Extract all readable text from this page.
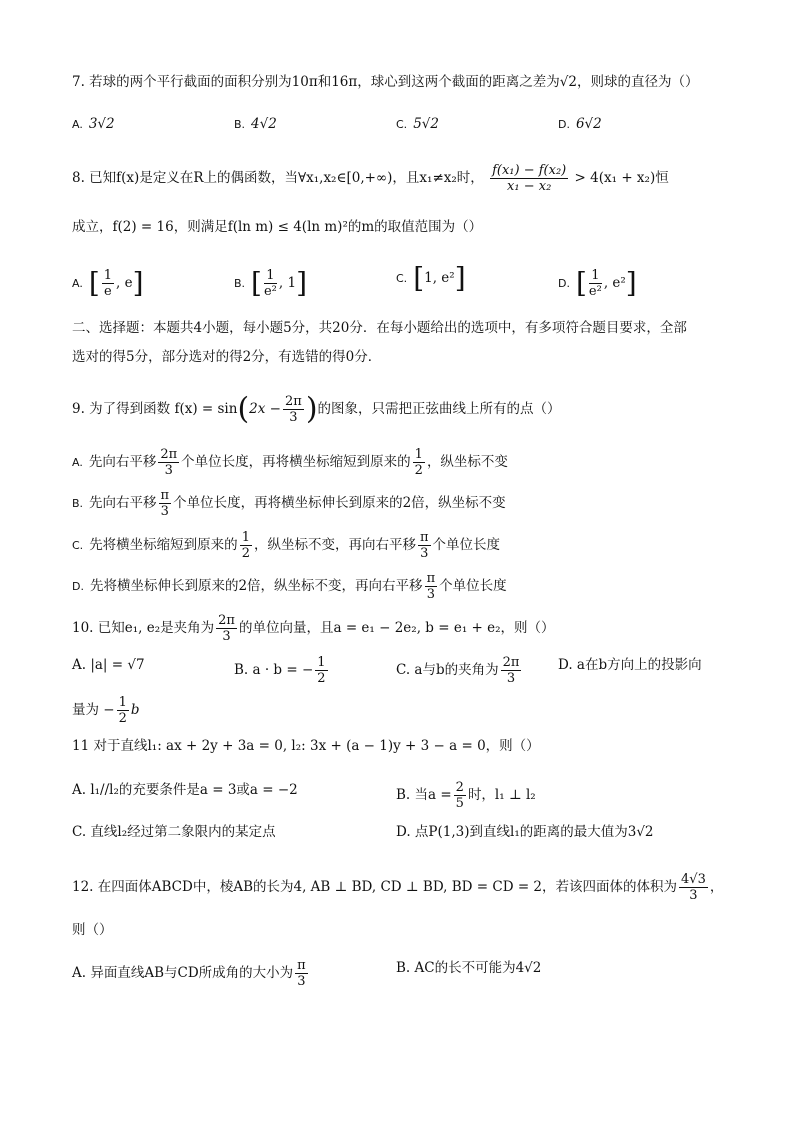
7. 若球的两个平行截面的面积分别为10π和16π，球心到这两个截面的距离之差为√2，则球的直径为（）
A. 3√2	B. 4√2	C. 5√2	D. 6√2
8. 已知f(x)是定义在R上的偶函数，当∀x₁,x₂∈[0,+∞)，且x₁≠x₂时， $\frac{\text{f(x₁) − f(x₂)}}{\text{x₁ − x₂}} > 4(x_1 + x_2)$恒
成立，f(2) = 16，则满足f(ln m) ≤ 4(ln m)²的m的取值范围为（）
A. [ $\frac{1}{e}$ , e]	B. [ $\frac{1}{\text{e²}}$ , 1]	C. [1, e²]	D. [ $\frac{1}{\text{e²}}$ , e²]
二、选择题：本题共4小题，每小题5分，共20分．在每小题给出的选项中，有多项符合题目要求，全部
选对的得5分，部分选对的得2分，有选错的得0分．
9. 为了得到函数 $f(x) = \sin(2x - \frac{2\pi}{3}$ )的图象，只需把正弦曲线上所有的点（）
A. 先向右平移 $\frac{2\pi}{3}$ 个单位长度，再将横坐标缩短到原来的 $\frac{1}{2}$ ，纵坐标不变
B. 先向右平移 $\frac{\pi}{3}$ 个单位长度，再将横坐标伸长到原来的2倍，纵坐标不变
C. 先将横坐标缩短到原来的 $\frac{1}{2}$ ，纵坐标不变，再向右平移 $\frac{\pi}{3}$ 个单位长度
D. 先将横坐标伸长到原来的2倍，纵坐标不变，再向右平移 $\frac{\pi}{3}$ 个单位长度
10. 已知e₁, e₂是夹角为 $\frac{2\pi}{3}$ 的单位向量，且a = e₁ − 2e₂, b = e₁ + e₂，则（）
A. |a| = √7	B. a · b = − $\frac{1}{2}$	C. a与b的夹角为 $\frac{2\pi}{3}$	D. a在b方向上的投影向
量为 − $\frac{1}{2}$ b
11 对于直线l₁: ax + 2y + 3a = 0, l₂: 3x + (a − 1)y + 3 − a = 0，则（）
A. l₁//l₂的充要条件是a = 3或a = −2	B. 当$a = \frac{2}{5}$ 时，l₁ ⊥ l₂
C. 直线l₂经过第二象限内的某定点	D. 点P(1,3)到直线l₁的距离的最大值为3√2
12. 在四面体ABCD中，棱AB的长为4, AB ⊥ BD, CD ⊥ BD, BD = CD = 2，若该四面体的体积为 $\frac{4√3}{3}$ ，
则（）
A. 异面直线AB与CD所成角的大小为 $\frac{\pi}{3}$	B. AC的长不可能为4√2
